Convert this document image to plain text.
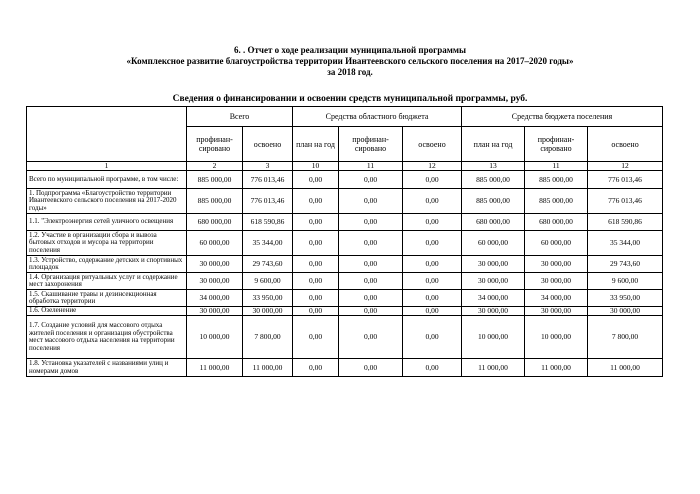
6. . Отчет о ходе реализации муниципальной программы
«Комплексное развитие благоустройства территории Ивантеевского сельского поселения на 2017–2020 годы»
за 2018 год.
Сведения о финансировании и освоении средств муниципальной программы, руб.
	Всего		Средства областного бюджета			Средства бюджета поселения		
	профинан-сировано	освоено	план на год	профинан-сировано	освоено	план на год	профинан-сировано	освоено
1	2	3	10	11	12	13	11	12
Всего по муниципальной программе, в том числе:	885 000,00	776 013,46	0,00	0,00	0,00	885 000,00	885 000,00	776 013,46
1. Подпрограмма «Благоустройство территории Ивантеевского сельского поселения на 2017-2020 годы»	885 000,00	776 013,46	0,00	0,00	0,00	885 000,00	885 000,00	776 013,46
1.1. "Электроэнергия сетей уличного освещения	680 000,00	618 590,86	0,00	0,00	0,00	680 000,00	680 000,00	618 590,86
1.2. Участие в организации сбора и вывоза бытовых отходов и мусора на территории поселения	60 000,00	35 344,00	0,00	0,00	0,00	60 000,00	60 000,00	35 344,00
1.3. Устройство, содержание детских и спортивных площадок	30 000,00	29 743,60	0,00	0,00	0,00	30 000,00	30 000,00	29 743,60
1.4. Организация ритуальных услуг и содержание мест захоронения	30 000,00	9 600,00	0,00	0,00	0,00	30 000,00	30 000,00	9 600,00
1.5. Скашивание травы и дезинсекционная обработка территории	34 000,00	33 950,00	0,00	0,00	0,00	34 000,00	34 000,00	33 950,00
1.6. Озеленение	30 000,00	30 000,00	0,00	0,00	0,00	30 000,00	30 000,00	30 000,00
1.7. Создание условий для массового отдыха жителей поселения и организация обустройства мест массового отдыха населения на территории поселения	10 000,00	7 800,00	0,00	0,00	0,00	10 000,00	10 000,00	7 800,00
1.8. Установка указателей с названиями улиц и номерами домов	11 000,00	11 000,00	0,00	0,00	0,00	11 000,00	11 000,00	11 000,00
